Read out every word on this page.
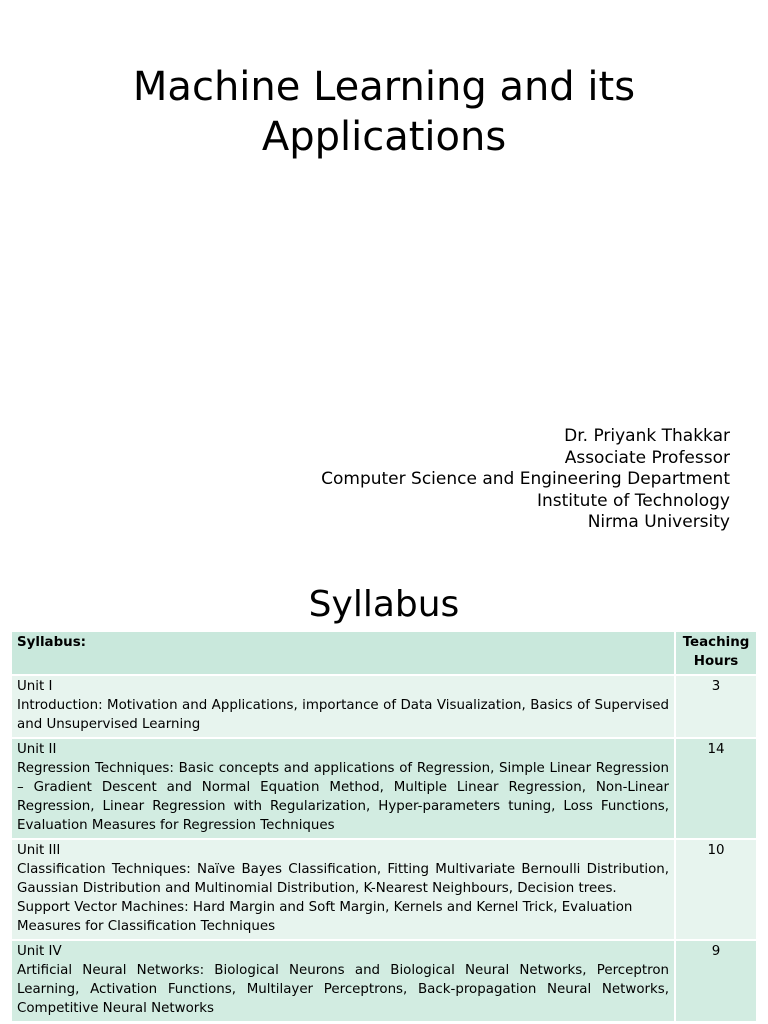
Machine Learning and its
Applications
Dr. Priyank Thakkar
Associate Professor
Computer Science and Engineering Department
Institute of Technology
Nirma University
Syllabus
Syllabus:	Teaching Hours

Unit I
Introduction: Motivation and Applications, importance of Data Visualization, Basics of Supervised and Unsupervised Learning	3

Unit II
Regression Techniques: Basic concepts and applications of Regression, Simple Linear Regression – Gradient Descent and Normal Equation Method, Multiple Linear Regression, Non-Linear Regression, Linear Regression with Regularization, Hyper-parameters tuning, Loss Functions, Evaluation Measures for Regression Techniques	14

Unit III
Classification Techniques: Naïve Bayes Classification, Fitting Multivariate Bernoulli Distribution, Gaussian Distribution and Multinomial Distribution, K-Nearest Neighbours, Decision trees.
Support Vector Machines: Hard Margin and Soft Margin, Kernels and Kernel Trick, Evaluation Measures for Classification Techniques	10

Unit IV
Artificial Neural Networks: Biological Neurons and Biological Neural Networks, Perceptron Learning, Activation Functions, Multilayer Perceptrons, Back-propagation Neural Networks, Competitive Neural Networks	9
